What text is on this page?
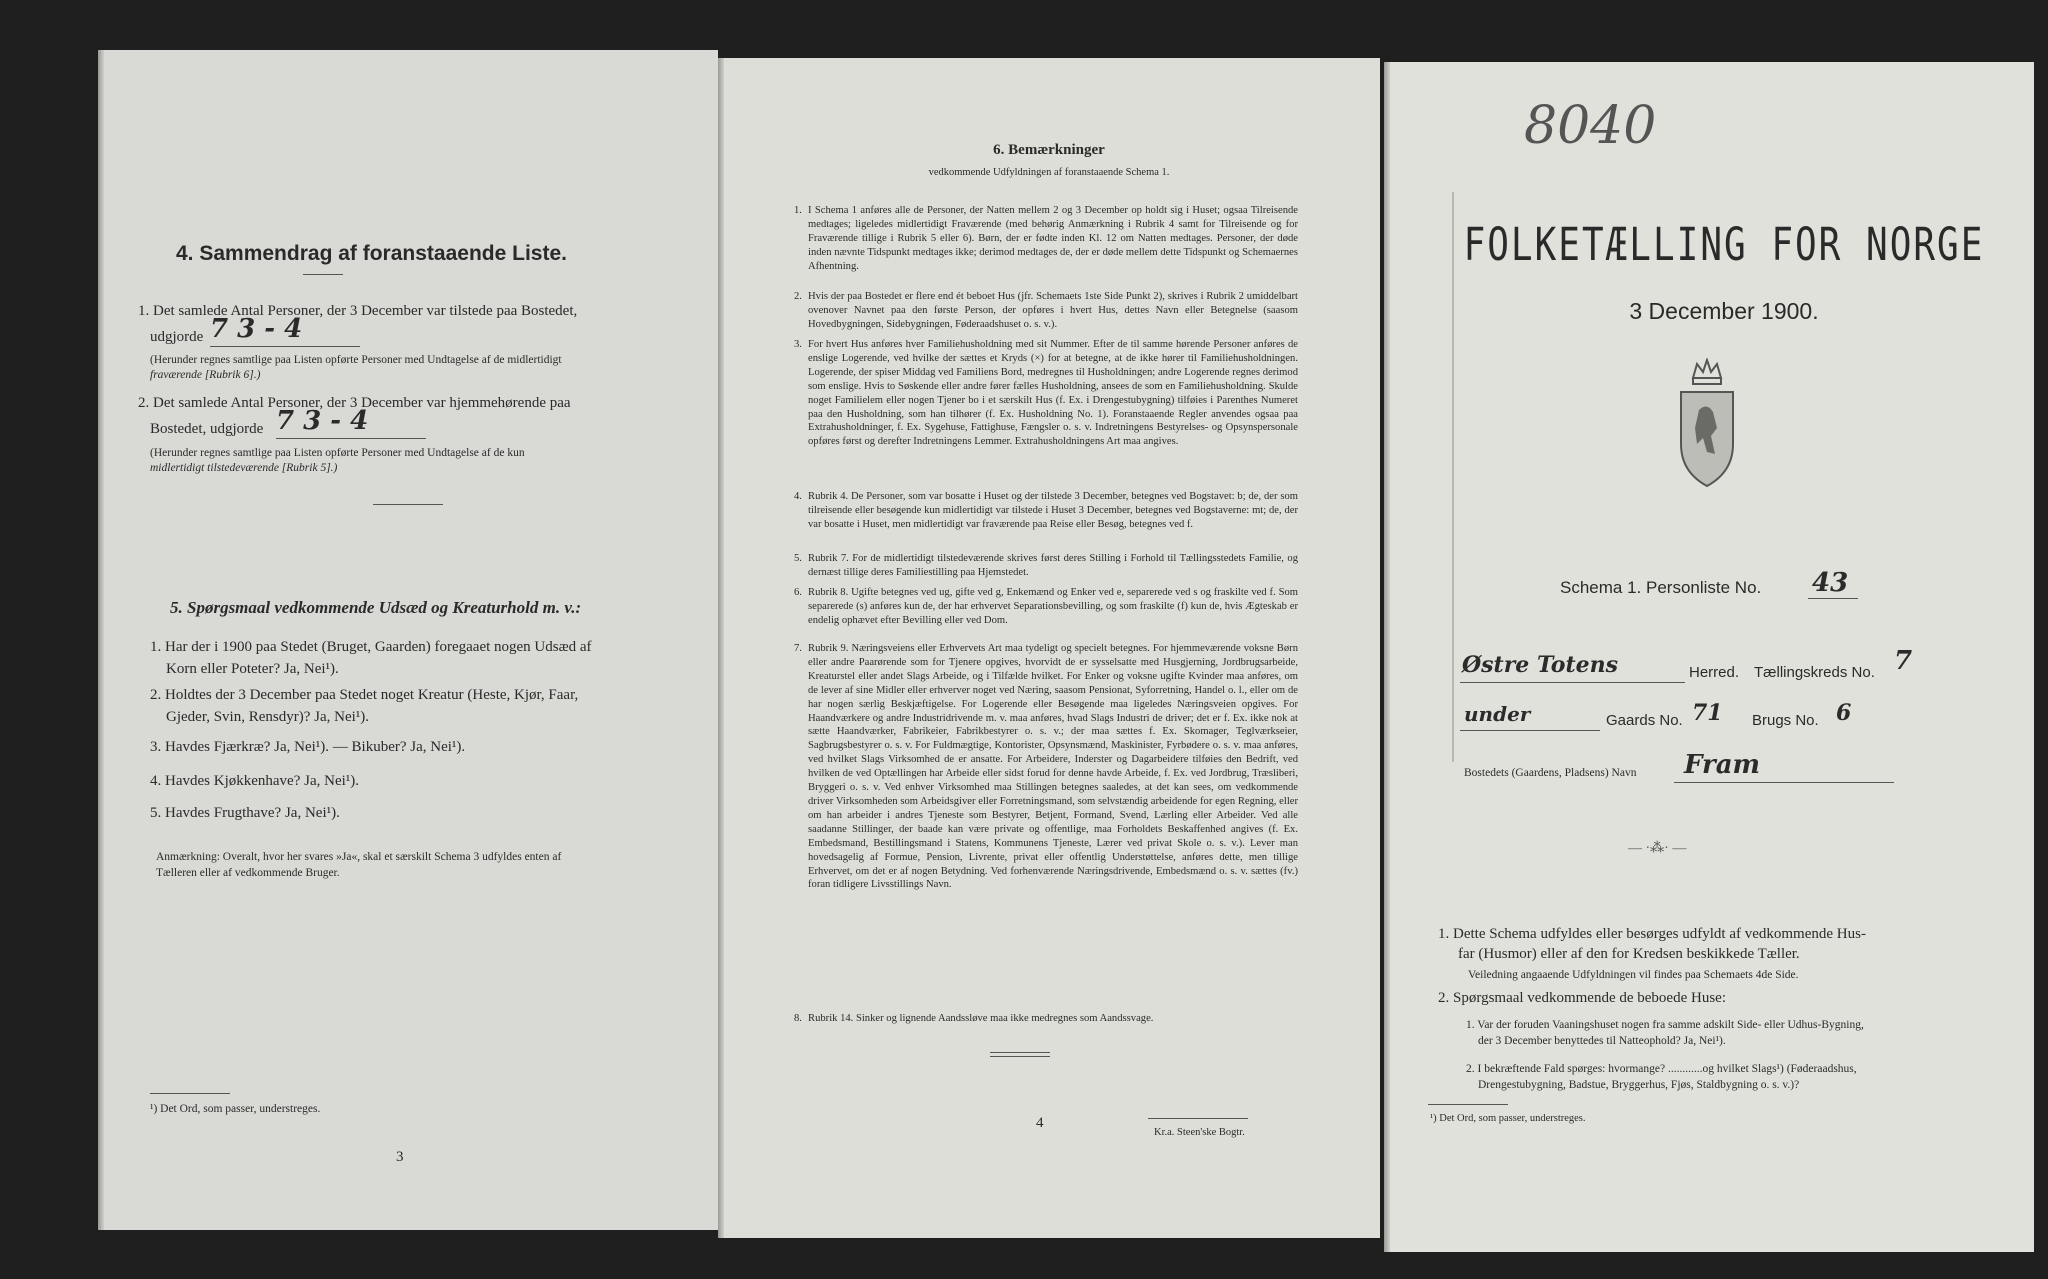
4. Sammendrag af foranstaaende Liste.
1. Det samlede Antal Personer, der 3 December var tilstede paa Bostedet,
udgjorde 7 3 - 4
(Herunder regnes samtlige paa Listen opførte Personer med Undtagelse af de midlertidigt
fraværende [Rubrik 6].)
2. Det samlede Antal Personer, der 3 December var hjemmehørende paa
Bostedet, udgjorde 7 3 - 4
(Herunder regnes samtlige paa Listen opførte Personer med Undtagelse af de kun
midlertidigt tilstedeværende [Rubrik 5].)
5. Spørgsmaal vedkommende Udsæd og Kreaturhold m. v.:
1. Har der i 1900 paa Stedet (Bruget, Gaarden) foregaaet nogen Udsæd af
Korn eller Poteter? Ja, Nei¹).
2. Holdtes der 3 December paa Stedet noget Kreatur (Heste, Kjør, Faar,
Gjeder, Svin, Rensdyr)? Ja, Nei¹).
3. Havdes Fjærkræ? Ja, Nei¹). — Bikuber? Ja, Nei¹).
4. Havdes Kjøkkenhave? Ja, Nei¹).
5. Havdes Frugthave? Ja, Nei¹).
Anmærkning: Overalt, hvor her svares »Ja«, skal et særskilt Schema 3 udfyldes enten af
Tælleren eller af vedkommende Bruger.
¹) Det Ord, som passer, understreges.
3
6. Bemærkninger
vedkommende Udfyldningen af foranstaaende Schema 1.
1. I Schema 1 anføres alle de Personer, der Natten mellem 2 og 3 December op holdt sig i Huset; ogsaa Tilreisende medtages; ligeledes midlertidigt Fraværende (med behørig Anmærkning i Rubrik 4 samt for Tilreisende og for Fraværende tillige i Rubrik 5 eller 6). Børn, der er fødte inden Kl. 12 om Natten medtages. Personer, der døde inden nævnte Tidspunkt medtages ikke; derimod medtages de, der er døde mellem dette Tidspunkt og Schemaernes Afhentning.
2. Hvis der paa Bostedet er flere end ét beboet Hus (jfr. Schemaets 1ste Side Punkt 2), skrives i Rubrik 2 umiddelbart ovenover Navnet paa den første Person, der opføres i hvert Hus, dettes Navn eller Betegnelse (saasom Hovedbygningen, Sidebygningen, Føderaadshuset o. s. v.).
3. For hvert Hus anføres hver Familiehusholdning med sit Nummer. Efter de til samme hørende Personer anføres de enslige Logerende, ved hvilke der sættes et Kryds (×) for at betegne, at de ikke hører til Familiehusholdningen. Logerende, der spiser Middag ved Familiens Bord, medregnes til Husholdningen; andre Logerende regnes derimod som enslige. Hvis to Søskende eller andre fører fælles Husholdning, ansees de som en Familiehusholdning. Skulde noget Familielem eller nogen Tjener bo i et særskilt Hus (f. Ex. i Drengestubygning) tilføies i Parenthes Numeret paa den Husholdning, som han tilhører (f. Ex. Husholdning No. 1). Foranstaaende Regler anvendes ogsaa paa Extrahusholdninger, f. Ex. Sygehuse, Fattighuse, Fængsler o. s. v. Indretningens Bestyrelses- og Opsynspersonale opføres først og derefter Indretningens Lemmer. Extrahusholdningens Art maa angives.
4. Rubrik 4. De Personer, som var bosatte i Huset og der tilstede 3 December, betegnes ved Bogstavet: b; de, der som tilreisende eller besøgende kun midlertidigt var tilstede i Huset 3 December, betegnes ved Bogstaverne: mt; de, der var bosatte i Huset, men midlertidigt var fraværende paa Reise eller Besøg, betegnes ved f.
5. Rubrik 7. For de midlertidigt tilstedeværende skrives først deres Stilling i Forhold til Tællingsstedets Familie, og dernæst tillige deres Familiestilling paa Hjemstedet.
6. Rubrik 8. Ugifte betegnes ved ug, gifte ved g, Enkemænd og Enker ved e, separerede ved s og fraskilte ved f. Som separerede (s) anføres kun de, der har erhvervet Separationsbevilling, og som fraskilte (f) kun de, hvis Ægteskab er endelig ophævet efter Bevilling eller ved Dom.
7. Rubrik 9. Næringsveiens eller Erhvervets Art maa tydeligt og specielt betegnes. For hjemmeværende voksne Børn eller andre Paarørende som for Tjenere opgives, hvorvidt de er sysselsatte med Husgjerning, Jordbrugsarbeide, Kreaturstel eller andet Slags Arbeide, og i Tilfælde hvilket. For Enker og voksne ugifte Kvinder maa anføres, om de lever af sine Midler eller erhverver noget ved Næring, saasom Pensionat, Syforretning, Handel o. l., eller om de har nogen særlig Beskjæftigelse. For Logerende eller Besøgende maa ligeledes Næringsveien opgives. For Haandværkere og andre Industridrivende m. v. maa anføres, hvad Slags Industri de driver; det er f. Ex. ikke nok at sætte Haandværker, Fabrikeier, Fabrikbestyrer o. s. v.; der maa sættes f. Ex. Skomager, Teglværkseier, Sagbrugsbestyrer o. s. v. For Fuldmægtige, Kontorister, Opsynsmænd, Maskinister, Fyrbødere o. s. v. maa anføres, ved hvilket Slags Virksomhed de er ansatte. For Arbeidere, Inderster og Dagarbeidere tilføies den Bedrift, ved hvilken de ved Optællingen har Arbeide eller sidst forud for denne havde Arbeide, f. Ex. ved Jordbrug, Træsliberi, Bryggeri o. s. v. Ved enhver Virksomhed maa Stillingen betegnes saaledes, at det kan sees, om vedkommende driver Virksomheden som Arbeidsgiver eller Forretningsmand, som selvstændig arbeidende for egen Regning, eller om han arbeider i andres Tjeneste som Bestyrer, Betjent, Formand, Svend, Lærling eller Arbeider. Ved alle saadanne Stillinger, der baade kan være private og offentlige, maa Forholdets Beskaffenhed angives (f. Ex. Embedsmand, Bestillingsmand i Statens, Kommunens Tjeneste, Lærer ved privat Skole o. s. v.). Lever man hovedsagelig af Formue, Pension, Livrente, privat eller offentlig Understøttelse, anføres dette, men tillige Erhvervet, om det er af nogen Betydning. Ved forhenværende Næringsdrivende, Embedsmænd o. s. v. sættes (fv.) foran tidligere Livsstillings Navn.
8. Rubrik 14. Sinker og lignende Aandssløve maa ikke medregnes som Aandssvage.
4
Kr.a. Steen'ske Bogtr.
8040
FOLKETÆLLING FOR NORGE
3 December 1900.
Schema 1. Personliste No. 43
Østre Totens	Herred. Tællingskreds No. 7
under	Gaards No. 71 Brugs No. 6
Bostedets (Gaardens, Pladsens) Navn Fram
— ·⁂· —
1. Dette Schema udfyldes eller besørges udfyldt af vedkommende Hus-
far (Husmor) eller af den for Kredsen beskikkede Tæller.
Veiledning angaaende Udfyldningen vil findes paa Schemaets 4de Side.
2. Spørgsmaal vedkommende de beboede Huse:
1. Var der foruden Vaaningshuset nogen fra samme adskilt Side- eller Udhus-Bygning,
der 3 December benyttedes til Natteophold? Ja, Nei¹).
2. I bekræftende Fald spørges: hvormange? ............og hvilket Slags¹) (Føderaadshus,
Drengestubygning, Badstue, Bryggerhus, Fjøs, Staldbygning o. s. v.)?
¹) Det Ord, som passer, understreges.
